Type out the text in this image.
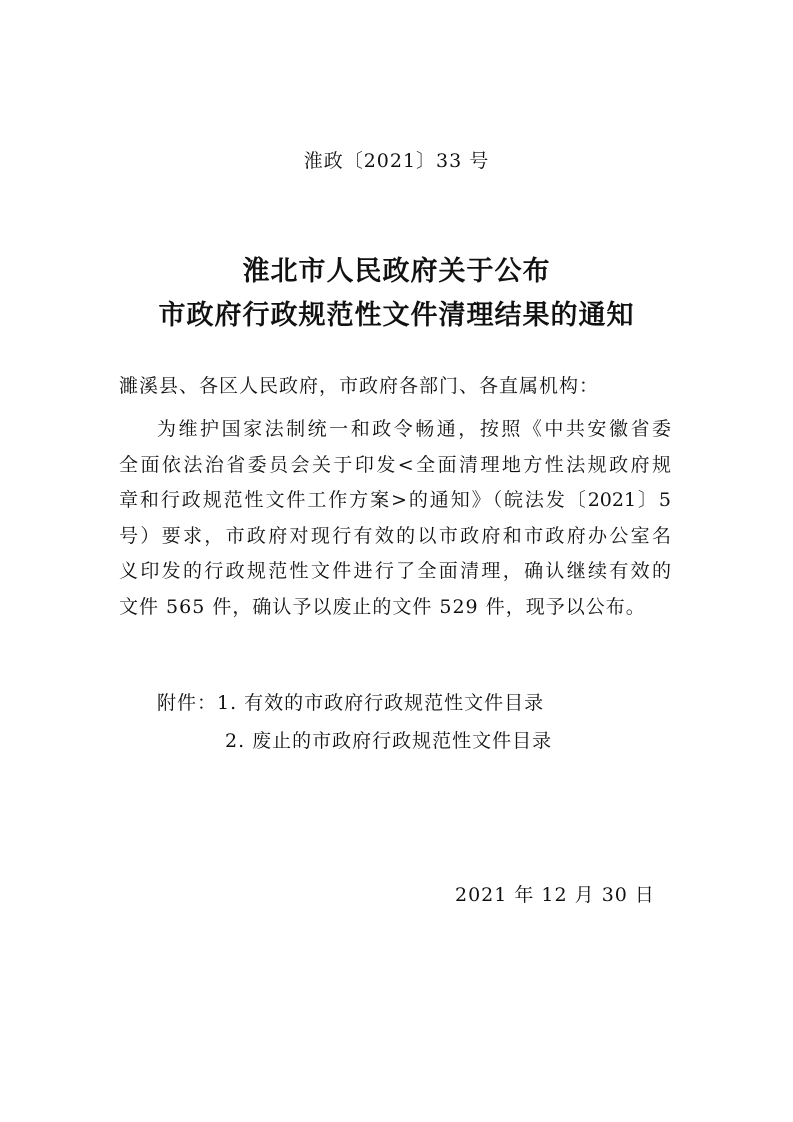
淮政〔2021〕33 号
淮北市人民政府关于公布
市政府行政规范性文件清理结果的通知
濉溪县、各区人民政府，市政府各部门、各直属机构：
为维护国家法制统一和政令畅通，按照《中共安徽省委
全面依法治省委员会关于印发<全面清理地方性法规政府规
章和行政规范性文件工作方案>的通知》（皖法发〔2021〕5
号）要求，市政府对现行有效的以市政府和市政府办公室名
义印发的行政规范性文件进行了全面清理，确认继续有效的
文件 565 件，确认予以废止的文件 529 件，现予以公布。
附件：1. 有效的市政府行政规范性文件目录
2. 废止的市政府行政规范性文件目录
2021 年 12 月 30 日
